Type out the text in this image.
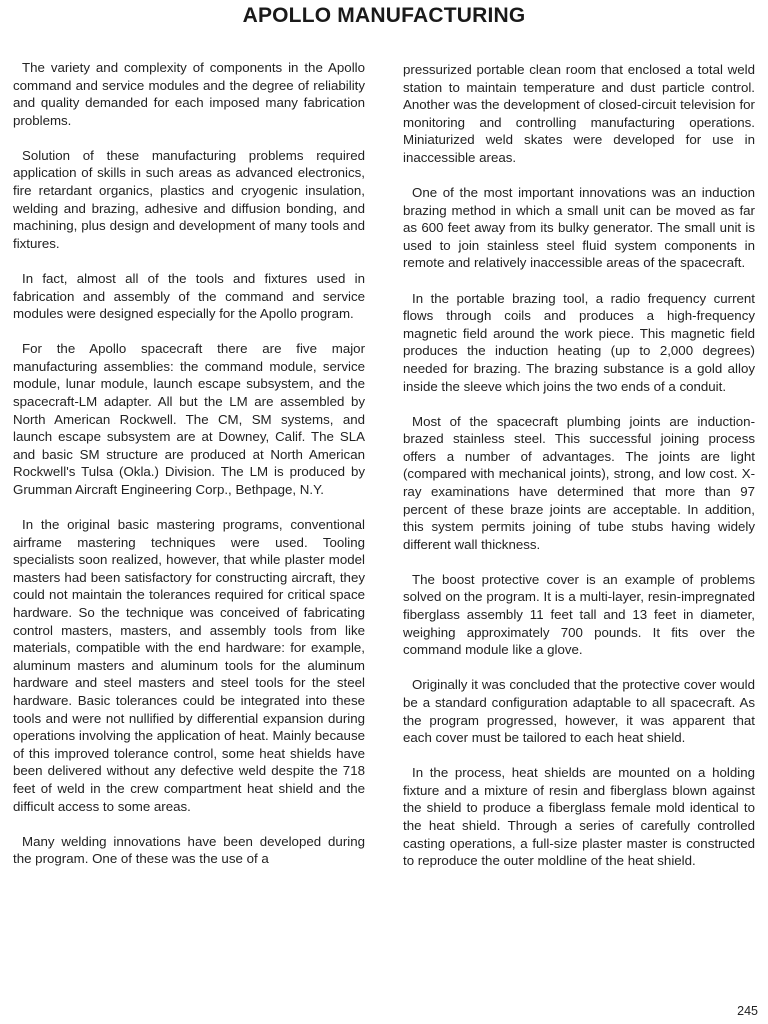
APOLLO MANUFACTURING

The variety and complexity of components in the Apollo command and service modules and the degree of reliability and quality demanded for each imposed many fabrication problems.

Solution of these manufacturing problems required application of skills in such areas as advanced electronics, fire retardant organics, plastics and cryogenic insulation, welding and brazing, adhesive and diffusion bonding, and machining, plus design and development of many tools and fixtures.

In fact, almost all of the tools and fixtures used in fabrication and assembly of the command and service modules were designed especially for the Apollo program.

For the Apollo spacecraft there are five major manufacturing assemblies: the command module, service module, lunar module, launch escape subsystem, and the spacecraft-LM adapter. All but the LM are assembled by North American Rockwell. The CM, SM systems, and launch escape subsystem are at Downey, Calif. The SLA and basic SM structure are produced at North American Rockwell's Tulsa (Okla.) Division. The LM is produced by Grumman Aircraft Engineering Corp., Bethpage, N.Y.

In the original basic mastering programs, conventional airframe mastering techniques were used. Tooling specialists soon realized, however, that while plaster model masters had been satisfactory for constructing aircraft, they could not maintain the tolerances required for critical space hardware. So the technique was conceived of fabricating control masters, masters, and assembly tools from like materials, compatible with the end hardware: for example, aluminum masters and aluminum tools for the aluminum hardware and steel masters and steel tools for the steel hardware. Basic tolerances could be integrated into these tools and were not nullified by differential expansion during operations involving the application of heat. Mainly because of this improved tolerance control, some heat shields have been delivered without any defective weld despite the 718 feet of weld in the crew compartment heat shield and the difficult access to some areas.

Many welding innovations have been developed during the program. One of these was the use of a

pressurized portable clean room that enclosed a total weld station to maintain temperature and dust particle control. Another was the development of closed-circuit television for monitoring and controlling manufacturing operations. Miniaturized weld skates were developed for use in inaccessible areas.

One of the most important innovations was an induction brazing method in which a small unit can be moved as far as 600 feet away from its bulky generator. The small unit is used to join stainless steel fluid system components in remote and relatively inaccessible areas of the spacecraft.

In the portable brazing tool, a radio frequency current flows through coils and produces a high-frequency magnetic field around the work piece. This magnetic field produces the induction heating (up to 2,000 degrees) needed for brazing. The brazing substance is a gold alloy inside the sleeve which joins the two ends of a conduit.

Most of the spacecraft plumbing joints are induction-brazed stainless steel. This successful joining process offers a number of advantages. The joints are light (compared with mechanical joints), strong, and low cost. X-ray examinations have determined that more than 97 percent of these braze joints are acceptable. In addition, this system permits joining of tube stubs having widely different wall thickness.

The boost protective cover is an example of problems solved on the program. It is a multi-layer, resin-impregnated fiberglass assembly 11 feet tall and 13 feet in diameter, weighing approximately 700 pounds. It fits over the command module like a glove.

Originally it was concluded that the protective cover would be a standard configuration adaptable to all spacecraft. As the program progressed, however, it was apparent that each cover must be tailored to each heat shield.

In the process, heat shields are mounted on a holding fixture and a mixture of resin and fiberglass blown against the shield to produce a fiberglass female mold identical to the heat shield. Through a series of carefully controlled casting operations, a full-size plaster master is constructed to reproduce the outer moldline of the heat shield.

245
